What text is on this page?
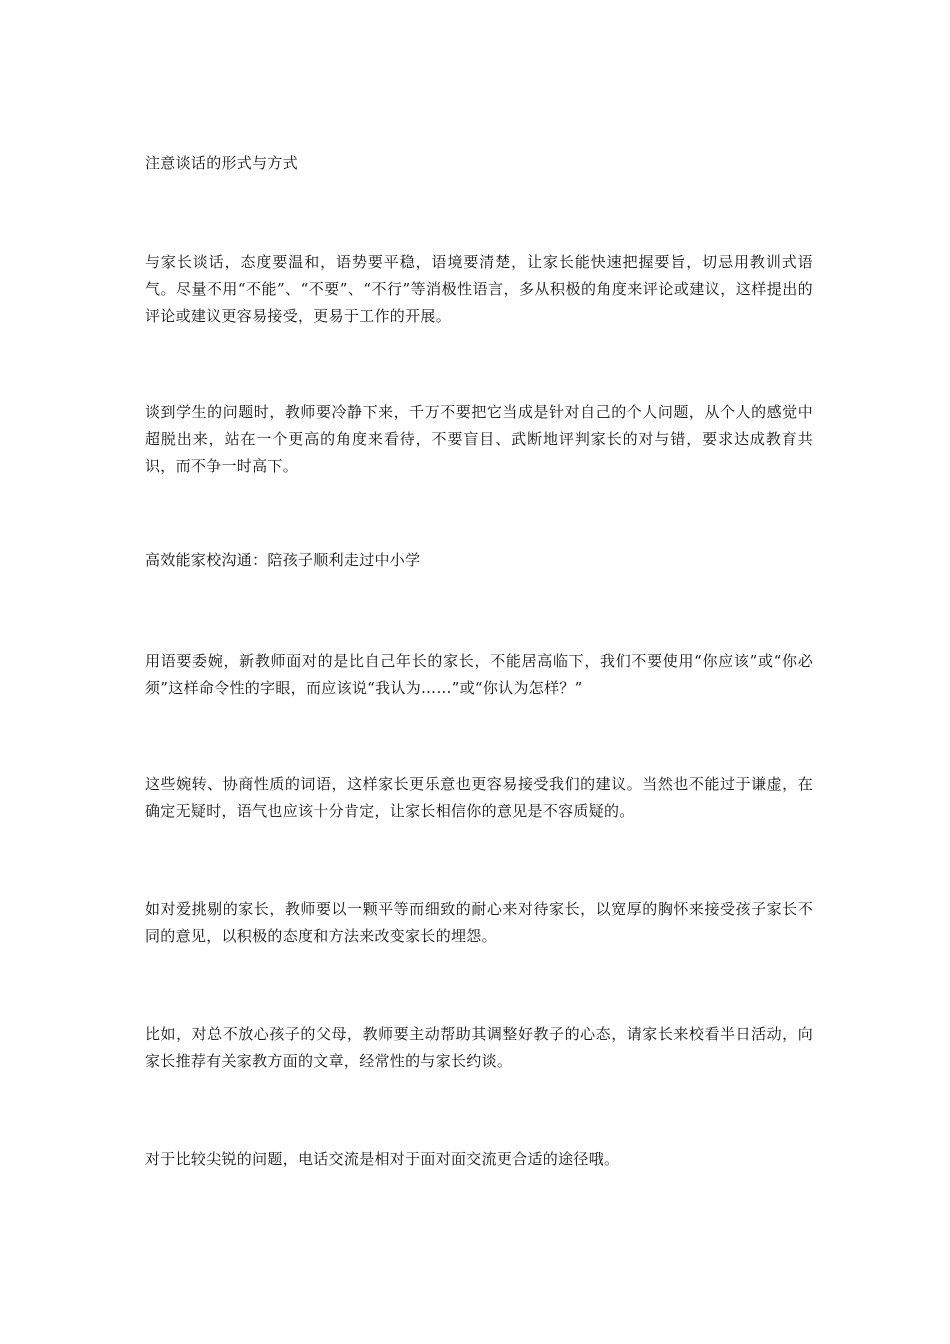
注意谈话的形式与方式

与家长谈话，态度要温和，语势要平稳，语境要清楚，让家长能快速把握要旨，切忌用教训式语气。尽量不用“不能”、“不要”、“不行”等消极性语言，多从积极的角度来评论或建议，这样提出的评论或建议更容易接受，更易于工作的开展。

谈到学生的问题时，教师要冷静下来，千万不要把它当成是针对自己的个人问题，从个人的感觉中超脱出来，站在一个更高的角度来看待，不要盲目、武断地评判家长的对与错，要求达成教育共识，而不争一时高下。

高效能家校沟通：陪孩子顺利走过中小学

用语要委婉，新教师面对的是比自己年长的家长，不能居高临下，我们不要使用“你应该”或“你必须”这样命令性的字眼，而应该说“我认为……”或“你认为怎样？”

这些婉转、协商性质的词语，这样家长更乐意也更容易接受我们的建议。当然也不能过于谦虚，在确定无疑时，语气也应该十分肯定，让家长相信你的意见是不容质疑的。

如对爱挑剔的家长，教师要以一颗平等而细致的耐心来对待家长，以宽厚的胸怀来接受孩子家长不同的意见，以积极的态度和方法来改变家长的埋怨。

比如，对总不放心孩子的父母，教师要主动帮助其调整好教子的心态，请家长来校看半日活动，向家长推荐有关家教方面的文章，经常性的与家长约谈。

对于比较尖锐的问题，电话交流是相对于面对面交流更合适的途径哦。
